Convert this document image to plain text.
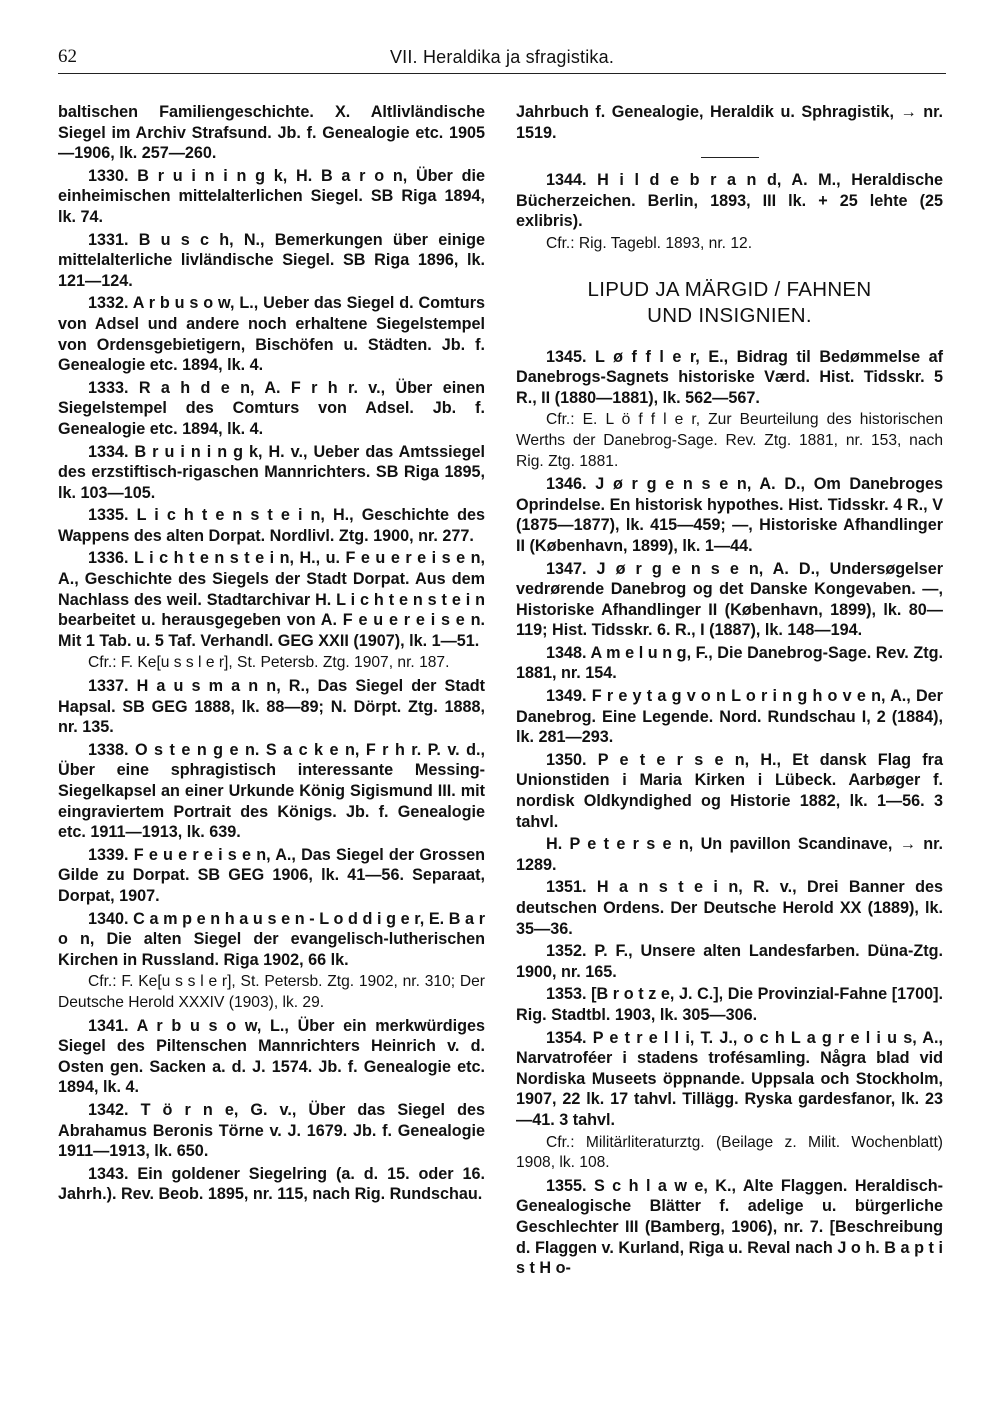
62	VII. Heraldika ja sfragistika.

baltischen Familiengeschichte. X. Altlivländische Siegel im Archiv Strafsund. Jb. f. Genealogie etc. 1905—1906, lk. 257—260.

1330. B r u i n i n g k, H. B a r o n, Über die einheimischen mittelalterlichen Siegel. SB Riga 1894, lk. 74.

1331. B u s c h, N., Bemerkungen über einige mittelalterliche livländische Siegel. SB Riga 1896, lk. 121—124.

1332. A r b u s o w, L., Ueber das Siegel d. Comturs von Adsel und andere noch erhaltene Siegelstempel von Ordensgebietigern, Bischöfen u. Städten. Jb. f. Genealogie etc. 1894, lk. 4.

1333. R a h d e n, A. F r h r. v., Über einen Siegelstempel des Comturs von Adsel. Jb. f. Genealogie etc. 1894, lk. 4.

1334. B r u i n i n g k, H. v., Ueber das Amtssiegel des erzstiftisch-rigaschen Mannrichters. SB Riga 1895, lk. 103—105.

1335. L i c h t e n s t e i n, H., Geschichte des Wappens des alten Dorpat. Nordlivl. Ztg. 1900, nr. 277.

1336. L i c h t e n s t e i n, H., u. F e u e r e i s e n, A., Geschichte des Siegels der Stadt Dorpat. Aus dem Nachlass des weil. Stadtarchivar H. L i c h t e n s t e i n bearbeitet u. herausgegeben von A. F e u e r e i s e n. Mit 1 Tab. u. 5 Taf. Verhandl. GEG XXII (1907), lk. 1—51.

Cfr.: F. Ke[u s s l e r], St. Petersb. Ztg. 1907, nr. 187.

1337. H a u s m a n n, R., Das Siegel der Stadt Hapsal. SB GEG 1888, lk. 88—89; N. Dörpt. Ztg. 1888, nr. 135.

1338. O s t e n g e n. S a c k e n, F r h r. P. v. d., Über eine sphragistisch interessante Messing-Siegelkapsel an einer Urkunde König Sigismund III. mit eingraviertem Portrait des Königs. Jb. f. Genealogie etc. 1911—1913, lk. 639.

1339. F e u e r e i s e n, A., Das Siegel der Grossen Gilde zu Dorpat. SB GEG 1906, lk. 41—56. Separaat, Dorpat, 1907.

1340. C a m p e n h a u s e n - L o d d i g e r, E. B a r o n, Die alten Siegel der evangelisch-lutherischen Kirchen in Russland. Riga 1902, 66 lk.

Cfr.: F. Ke[u s s l e r], St. Petersb. Ztg. 1902, nr. 310; Der Deutsche Herold XXXIV (1903), lk. 29.

1341. A r b u s o w, L., Über ein merkwürdiges Siegel des Piltenschen Mannrichters Heinrich v. d. Osten gen. Sacken a. d. J. 1574. Jb. f. Genealogie etc. 1894, lk. 4.

1342. T ö r n e, G. v., Über das Siegel des Abrahamus Beronis Törne v. J. 1679. Jb. f. Genealogie 1911—1913, lk. 650.

1343. Ein goldener Siegelring (a. d. 15. oder 16. Jahrh.). Rev. Beob. 1895, nr. 115, nach Rig. Rundschau.

Jahrbuch f. Genealogie, Heraldik u. Sphragistik, → nr. 1519.

1344. H i l d e b r a n d, A. M., Heraldische Bücherzeichen. Berlin, 1893, III lk. + 25 lehte (25 exlibris).

Cfr.: Rig. Tagebl. 1893, nr. 12.

LIPUD JA MÄRGID / FAHNEN
UND INSIGNIEN.

1345. L ø f f l e r, E., Bidrag til Bedømmelse af Danebrogs-Sagnets historiske Værd. Hist. Tidsskr. 5 R., II (1880—1881), lk. 562—567.

Cfr.: E. L ö f f l e r, Zur Beurteilung des historischen Werths der Danebrog-Sage. Rev. Ztg. 1881, nr. 153, nach Rig. Ztg. 1881.

1346. J ø r g e n s e n, A. D., Om Danebroges Oprindelse. En historisk hypothes. Hist. Tidsskr. 4 R., V (1875—1877), lk. 415—459; —, Historiske Afhandlinger II (København, 1899), lk. 1—44.

1347. J ø r g e n s e n, A. D., Undersøgelser vedrørende Danebrog og det Danske Kongevaben. —, Historiske Afhandlinger II (København, 1899), lk. 80—119; Hist. Tidsskr. 6. R., I (1887), lk. 148—194.

1348. A m e l u n g, F., Die Danebrog-Sage. Rev. Ztg. 1881, nr. 154.

1349. F r e y t a g v o n L o r i n g h o v e n, A., Der Danebrog. Eine Legende. Nord. Rundschau I, 2 (1884), lk. 281—293.

1350. P e t e r s e n, H., Et dansk Flag fra Unionstiden i Maria Kirken i Lübeck. Aarbøger f. nordisk Oldkyndighed og Historie 1882, lk. 1—56. 3 tahvl.

H. P e t e r s e n, Un pavillon Scandinave, → nr. 1289.

1351. H a n s t e i n, R. v., Drei Banner des deutschen Ordens. Der Deutsche Herold XX (1889), lk. 35—36.

1352. P. F., Unsere alten Landesfarben. Düna-Ztg. 1900, nr. 165.

1353. [B r o t z e, J. C.], Die Provinzial-Fahne [1700]. Rig. Stadtbl. 1903, lk. 305—306.

1354. P e t r e l l i, T. J., o c h L a g r e l i u s, A., Narvatroféer i stadens trofésamling. Några blad vid Nordiska Museets öppnande. Uppsala och Stockholm, 1907, 22 lk. 17 tahvl. Tillägg. Ryska gardesfanor, lk. 23—41. 3 tahvl.

Cfr.: Militärliteraturztg. (Beilage z. Milit. Wochenblatt) 1908, lk. 108.

1355. S c h l a w e, K., Alte Flaggen. Heraldisch-Genealogische Blätter f. adelige u. bürgerliche Geschlechter III (Bamberg, 1906), nr. 7. [Beschreibung d. Flaggen v. Kurland, Riga u. Reval nach J o h. B a p t i s t H o-
